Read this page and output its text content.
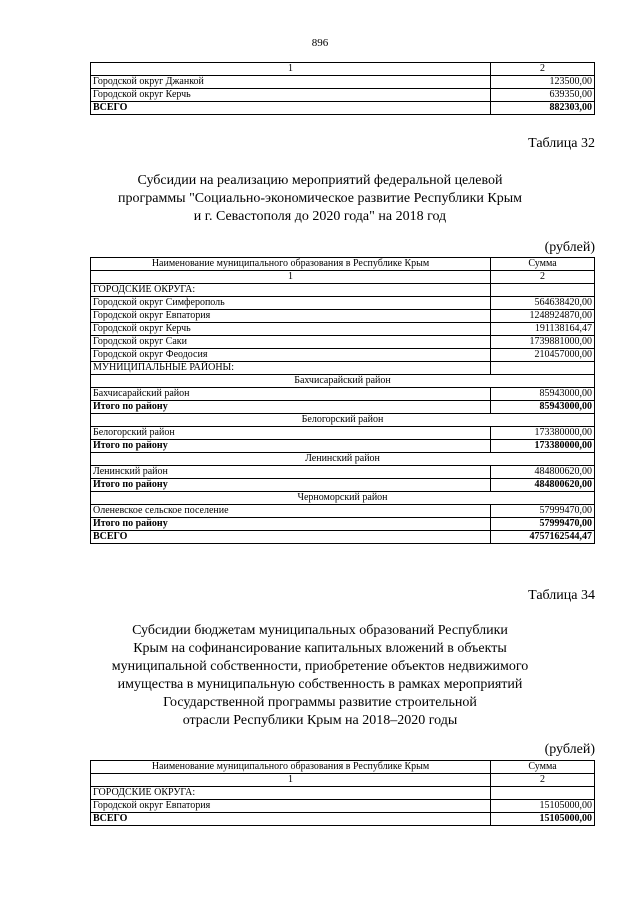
896
1	2
Городской округ Джанкой	123500,00
Городской округ Керчь	639350,00
ВСЕГО	882303,00
Таблица 32
Субсидии на реализацию мероприятий федеральной целевой
программы "Социально-экономическое развитие Республики Крым
и г. Севастополя до 2020 года" на 2018 год
(рублей)
Наименование муниципального образования в Республике Крым	Сумма
1	2
ГОРОДСКИЕ ОКРУГА:	
Городской округ Симферополь	564638420,00
Городской округ Евпатория	1248924870,00
Городской округ Керчь	191138164,47
Городской округ Саки	1739881000,00
Городской округ Феодосия	210457000,00
МУНИЦИПАЛЬНЫЕ РАЙОНЫ:	
Бахчисарайский район	
Бахчисарайский район	85943000,00
Итого по району	85943000,00
Белогорский район	
Белогорский район	173380000,00
Итого по району	173380000,00
Ленинский район	
Ленинский район	484800620,00
Итого по району	484800620,00
Черноморский район	
Оленевское сельское поселение	57999470,00
Итого по району	57999470,00
ВСЕГО	4757162544,47
Таблица 34
Субсидии бюджетам муниципальных образований Республики
Крым на софинансирование капитальных вложений в объекты
муниципальной собственности, приобретение объектов недвижимого
имущества в муниципальную собственность в рамках мероприятий
Государственной программы развитие строительной
отрасли Республики Крым на 2018–2020 годы
(рублей)
Наименование муниципального образования в Республике Крым	Сумма
1	2
ГОРОДСКИЕ ОКРУГА:	
Городской округ Евпатория	15105000,00
ВСЕГО	15105000,00
